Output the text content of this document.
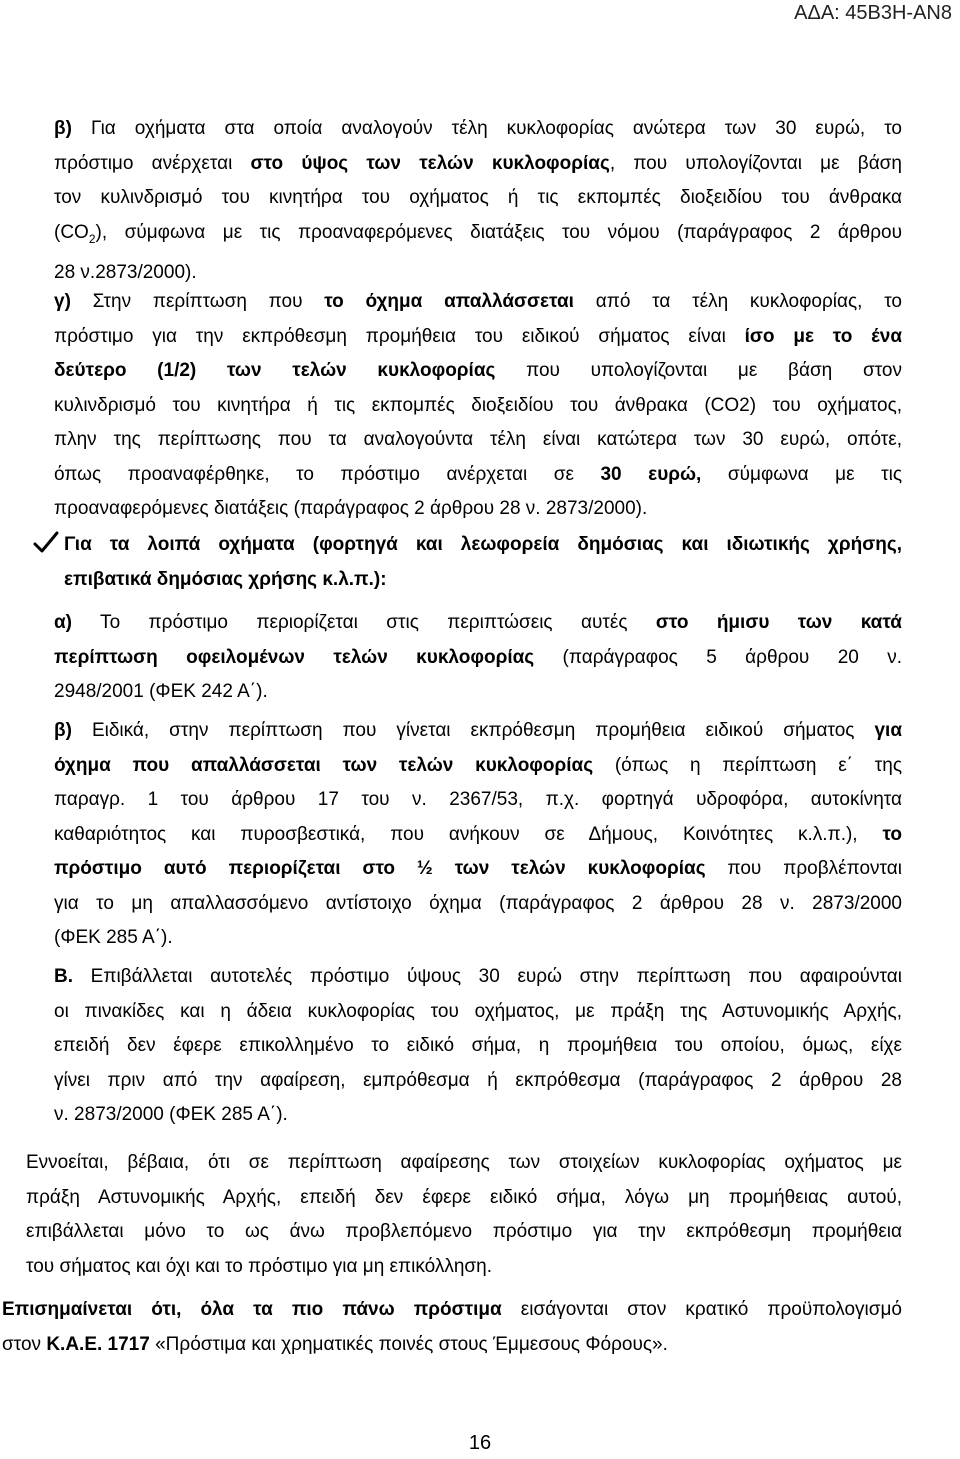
ΑΔΑ: 45Β3Η-ΑΝ8
β) Για οχήματα στα οποία αναλογούν τέλη κυκλοφορίας ανώτερα των 30 ευρώ, το
πρόστιμο ανέρχεται στο ύψος των τελών κυκλοφορίας, που υπολογίζονται με βάση
τον κυλινδρισμό του κινητήρα του οχήματος ή τις εκπομπές διοξειδίου του άνθρακα
$(CO_2)$, σύμφωνα με τις προαναφερόμενες διατάξεις του νόμου (παράγραφος 2 άρθρου
28 ν.2873/2000).
γ) Στην περίπτωση που το όχημα απαλλάσσεται από τα τέλη κυκλοφορίας, το
πρόστιμο για την εκπρόθεσμη προμήθεια του ειδικού σήματος είναι ίσο με το ένα
δεύτερο (1/2) των τελών κυκλοφορίας που υπολογίζονται με βάση στον
κυλινδρισμό του κινητήρα ή τις εκπομπές διοξειδίου του άνθρακα (CO2) του οχήματος,
πλην της περίπτωσης που τα αναλογούντα τέλη είναι κατώτερα των 30 ευρώ, οπότε,
όπως προαναφέρθηκε, το πρόστιμο ανέρχεται σε 30 ευρώ, σύμφωνα με τις
προαναφερόμενες διατάξεις (παράγραφος 2 άρθρου 28 ν. 2873/2000).
Για τα λοιπά οχήματα (φορτηγά και λεωφορεία δημόσιας και ιδιωτικής χρήσης,
επιβατικά δημόσιας χρήσης κ.λ.π.):
α) Το πρόστιμο περιορίζεται στις περιπτώσεις αυτές στο ήμισυ των κατά
περίπτωση οφειλομένων τελών κυκλοφορίας (παράγραφος 5 άρθρου 20 ν.
2948/2001 (ΦΕΚ 242 Α΄).
β) Ειδικά, στην περίπτωση που γίνεται εκπρόθεσμη προμήθεια ειδικού σήματος για
όχημα που απαλλάσσεται των τελών κυκλοφορίας (όπως η περίπτωση ε΄ της
παραγρ. 1 του άρθρου 17 του ν. 2367/53, π.χ. φορτηγά υδροφόρα, αυτοκίνητα
καθαριότητος και πυροσβεστικά, που ανήκουν σε Δήμους, Κοινότητες κ.λ.π.), το
πρόστιμο αυτό περιορίζεται στο ½ των τελών κυκλοφορίας που προβλέπονται
για το μη απαλλασσόμενο αντίστοιχο όχημα (παράγραφος 2 άρθρου 28 ν. 2873/2000
(ΦΕΚ 285 Α΄).
Β. Επιβάλλεται αυτοτελές πρόστιμο ύψους 30 ευρώ στην περίπτωση που αφαιρούνται
οι πινακίδες και η άδεια κυκλοφορίας του οχήματος, με πράξη της Αστυνομικής Αρχής,
επειδή δεν έφερε επικολλημένο το ειδικό σήμα, η προμήθεια του οποίου, όμως, είχε
γίνει πριν από την αφαίρεση, εμπρόθεσμα ή εκπρόθεσμα (παράγραφος 2 άρθρου 28
ν. 2873/2000 (ΦΕΚ 285 Α΄).
Εννοείται, βέβαια, ότι σε περίπτωση αφαίρεσης των στοιχείων κυκλοφορίας οχήματος με
πράξη Αστυνομικής Αρχής, επειδή δεν έφερε ειδικό σήμα, λόγω μη προμήθειας αυτού,
επιβάλλεται μόνο το ως άνω προβλεπόμενο πρόστιμο για την εκπρόθεσμη προμήθεια
του σήματος και όχι και το πρόστιμο για μη επικόλληση.
Επισημαίνεται ότι, όλα τα πιο πάνω πρόστιμα εισάγονται στον κρατικό προϋπολογισμό
στον Κ.Α.Ε. 1717 «Πρόστιμα και χρηματικές ποινές στους Έμμεσους Φόρους».
16
